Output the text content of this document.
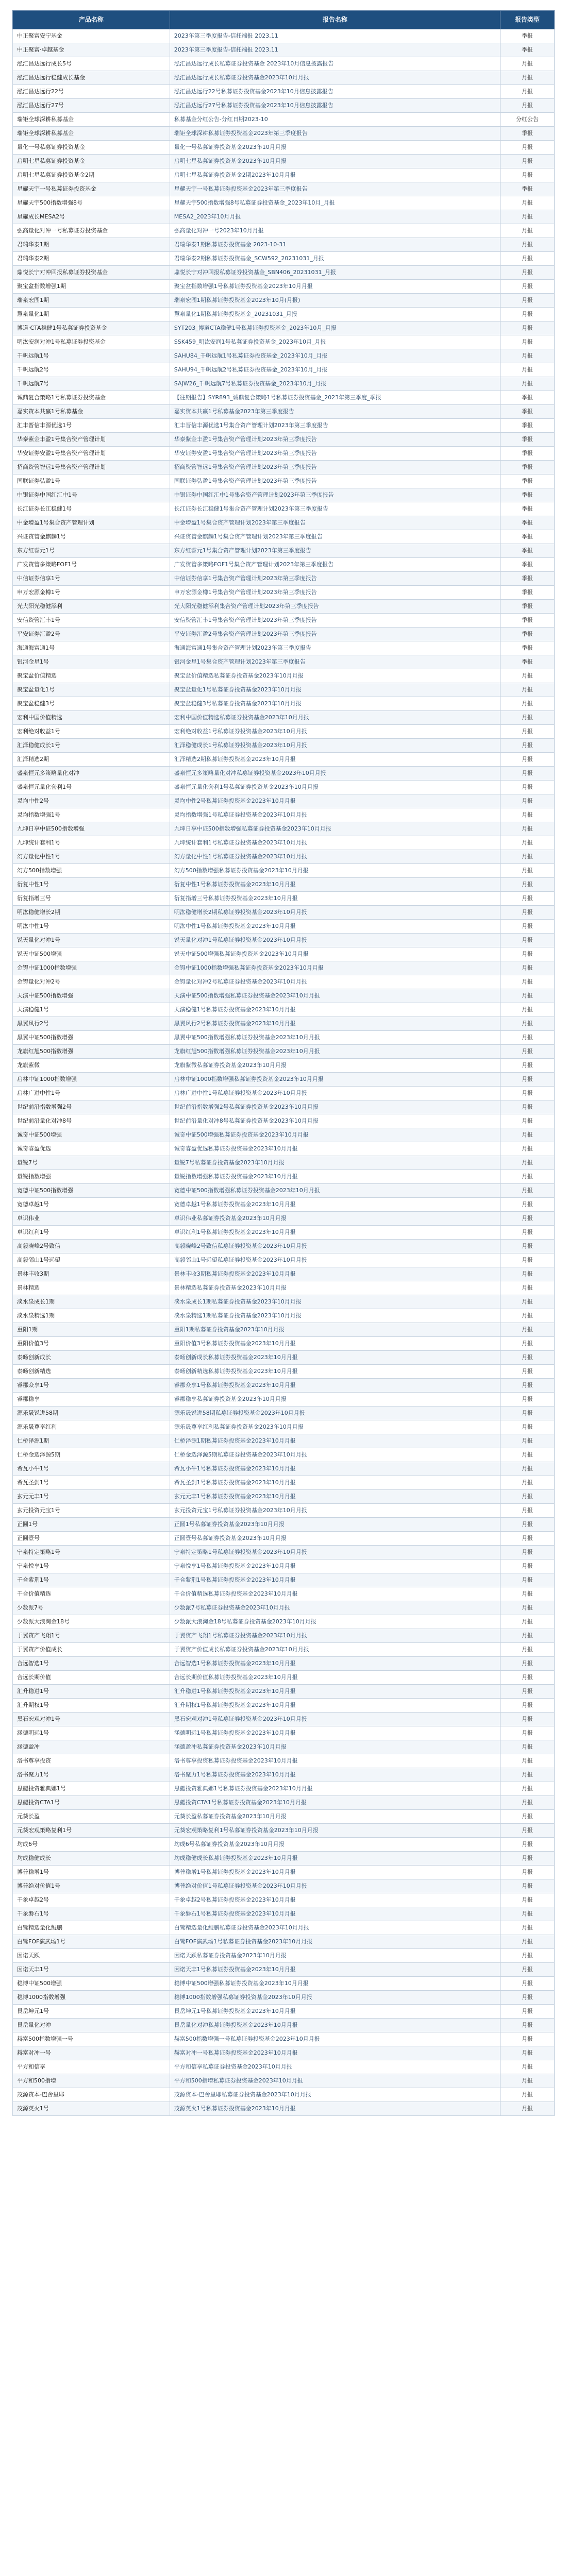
产品名称	报告名称	报告类型
中正聚富安宁基金	2023年第三季度报告-信托端报 2023.11	季报
中正聚富·卓越基金	2023年第三季度报告-信托端报 2023.11	季报
泓汇昌达远行成长5号	泓汇昌达远行成长私募证券投资基金 2023年10月信息披露报告	月报
泓汇昌达远行稳健成长基金	泓汇昌达远行成长私募证券投资基金2023年10月月报	月报
泓汇昌达远行22号	泓汇昌达远行22号私募证券投资基金2023年10月信息披露报告	月报
泓汇昌达远行27号	泓汇昌达远行27号私募证券投资基金2023年10月信息披露报告	月报
瑞钜全球深耕私募基金	私募基金分红公告-分红日期2023-10	分红公告
瑞钜全球深耕私募基金	瑞钜全球深耕私募证券投资基金2023年第三季度报告	季报
量化一号私募证券投资基金	量化一号私募证券投资基金2023年10月月报	月报
启明七星私募证券投资基金	启明七星私募证券投资基金2023年10月月报	月报
启明七星私募证券投资基金2期	启明七星私募证券投资基金2期2023年10月月报	月报
星耀天宇一号私募证券投资基金	星耀天宇一号私募证券投资基金2023年第三季度报告	季报
星耀天宇500指数增强8号	星耀天宇500指数增强8号私募证券投资基金_2023年10月_月报	月报
星耀成长MESA2号	MESA2_2023年10月月报	月报
弘高量化对冲一号私募证券投资基金	弘高量化对冲一号2023年10月月报	月报
君瑞华泰1期	君瑞华泰1期私募证券投资基金 2023-10-31	月报
君瑞华泰2期	君瑞华泰2期私募证券投资基金_SCW592_20231031_月报	月报
鼎悦长宁对冲回报私募证券投资基金	鼎悦长宁对冲回报私募证券投资基金_SBN406_20231031_月报	月报
聚宝盆指数增强1期	聚宝盆指数增强1号私募证券投资基金2023年10月月报	月报
瑞泉宏图1期	瑞泉宏图1期私募证券投资基金2023年10月(月报)	月报
慧泉量化1期	慧泉量化1期私募证券投资基金_20231031_月报	月报
博道·CTA稳健1号私募证券投资基金	SYT203_博道CTA稳健1号私募证券投资基金_2023年10月_月报	月报
明汯安润对冲1号私募证券投资基金	SSK459_明汯安润1号私募证券投资基金_2023年10月_月报	月报
千帆远航1号	SAHU84_千帆远航1号私募证券投资基金_2023年10月_月报	月报
千帆远航2号	SAHU94_千帆远航2号私募证券投资基金_2023年10月_月报	月报
千帆远航7号	SAJW26_千帆远航7号私募证券投资基金_2023年10月_月报	月报
诚鼎复合策略1号私募证券投资基金	【往期报告】SYR893_诚鼎复合策略1号私募证券投资基金_2023年第三季度_季报	季报
嘉实资本共赢1号私募基金	嘉实资本共赢1号私募基金2023年第三季度报告	季报
汇丰晋信丰源优选1号	汇丰晋信丰源优选1号集合资产管理计划2023年第三季度报告	季报
华泰紫金丰盈1号集合资产管理计划	华泰紫金丰盈1号集合资产管理计划2023年第三季度报告	季报
华安证券安盈1号集合资产管理计划	华安证券安盈1号集合资产管理计划2023年第三季度报告	季报
招商资管智远1号集合资产管理计划	招商资管智远1号集合资产管理计划2023年第三季度报告	季报
国联证券弘盈1号	国联证券弘盈1号集合资产管理计划2023年第三季度报告	季报
中银证券中国红汇中1号	中银证券中国红汇中1号集合资产管理计划2023年第三季度报告	季报
长江证券长江稳健1号	长江证券长江稳健1号集合资产管理计划2023年第三季度报告	季报
中金增盈1号集合资产管理计划	中金增盈1号集合资产管理计划2023年第三季度报告	季报
兴证资管金麒麟1号	兴证资管金麒麟1号集合资产管理计划2023年第三季度报告	季报
东方红睿元1号	东方红睿元1号集合资产管理计划2023年第三季度报告	季报
广发资管多策略FOF1号	广发资管多策略FOF1号集合资产管理计划2023年第三季度报告	季报
中信证券信享1号	中信证券信享1号集合资产管理计划2023年第三季度报告	季报
申万宏源金樽1号	申万宏源金樽1号集合资产管理计划2023年第三季度报告	季报
光大阳光稳健添利	光大阳光稳健添利集合资产管理计划2023年第三季度报告	季报
安信资管汇丰1号	安信资管汇丰1号集合资产管理计划2023年第三季度报告	季报
平安证券汇盈2号	平安证券汇盈2号集合资产管理计划2023年第三季度报告	季报
海通海富通1号	海通海富通1号集合资产管理计划2023年第三季度报告	季报
银河金星1号	银河金星1号集合资产管理计划2023年第三季度报告	季报
聚宝盆价值精选	聚宝盆价值精选私募证券投资基金2023年10月月报	月报
聚宝盆量化1号	聚宝盆量化1号私募证券投资基金2023年10月月报	月报
聚宝盆稳健3号	聚宝盆稳健3号私募证券投资基金2023年10月月报	月报
宏利中国价值精选	宏利中国价值精选私募证券投资基金2023年10月月报	月报
宏利绝对收益1号	宏利绝对收益1号私募证券投资基金2023年10月月报	月报
汇泽稳健成长1号	汇泽稳健成长1号私募证券投资基金2023年10月月报	月报
汇泽精选2期	汇泽精选2期私募证券投资基金2023年10月月报	月报
盛泉恒元多策略量化对冲	盛泉恒元多策略量化对冲私募证券投资基金2023年10月月报	月报
盛泉恒元量化套利1号	盛泉恒元量化套利1号私募证券投资基金2023年10月月报	月报
灵均中性2号	灵均中性2号私募证券投资基金2023年10月月报	月报
灵均指数增强1号	灵均指数增强1号私募证券投资基金2023年10月月报	月报
九坤日享中证500指数增强	九坤日享中证500指数增强私募证券投资基金2023年10月月报	月报
九坤统计套利1号	九坤统计套利1号私募证券投资基金2023年10月月报	月报
幻方量化中性1号	幻方量化中性1号私募证券投资基金2023年10月月报	月报
幻方500指数增强	幻方500指数增强私募证券投资基金2023年10月月报	月报
衍复中性1号	衍复中性1号私募证券投资基金2023年10月月报	月报
衍复指增三号	衍复指增三号私募证券投资基金2023年10月月报	月报
明汯稳健增长2期	明汯稳健增长2期私募证券投资基金2023年10月月报	月报
明汯中性1号	明汯中性1号私募证券投资基金2023年10月月报	月报
锐天量化对冲1号	锐天量化对冲1号私募证券投资基金2023年10月月报	月报
锐天中证500增强	锐天中证500增强私募证券投资基金2023年10月月报	月报
金锝中证1000指数增强	金锝中证1000指数增强私募证券投资基金2023年10月月报	月报
金锝量化对冲2号	金锝量化对冲2号私募证券投资基金2023年10月月报	月报
天演中证500指数增强	天演中证500指数增强私募证券投资基金2023年10月月报	月报
天演稳健1号	天演稳健1号私募证券投资基金2023年10月月报	月报
黑翼风行2号	黑翼风行2号私募证券投资基金2023年10月月报	月报
黑翼中证500指数增强	黑翼中证500指数增强私募证券投资基金2023年10月月报	月报
龙旗红旭500指数增强	龙旗红旭500指数增强私募证券投资基金2023年10月月报	月报
龙旗紫微	龙旗紫微私募证券投资基金2023年10月月报	月报
启林中证1000指数增强	启林中证1000指数增强私募证券投资基金2023年10月月报	月报
启林广进中性1号	启林广进中性1号私募证券投资基金2023年10月月报	月报
世纪前沿指数增强2号	世纪前沿指数增强2号私募证券投资基金2023年10月月报	月报
世纪前沿量化对冲8号	世纪前沿量化对冲8号私募证券投资基金2023年10月月报	月报
诚奇中证500增强	诚奇中证500增强私募证券投资基金2023年10月月报	月报
诚奇睿盈优选	诚奇睿盈优选私募证券投资基金2023年10月月报	月报
量锐7号	量锐7号私募证券投资基金2023年10月月报	月报
量锐指数增强	量锐指数增强私募证券投资基金2023年10月月报	月报
宽德中证500指数增强	宽德中证500指数增强私募证券投资基金2023年10月月报	月报
宽德卓越1号	宽德卓越1号私募证券投资基金2023年10月月报	月报
卓识伟业	卓识伟业私募证券投资基金2023年10月月报	月报
卓识红利1号	卓识红利1号私募证券投资基金2023年10月月报	月报
高毅晓峰2号致信	高毅晓峰2号致信私募证券投资基金2023年10月月报	月报
高毅邻山1号远望	高毅邻山1号远望私募证券投资基金2023年10月月报	月报
景林丰收3期	景林丰收3期私募证券投资基金2023年10月月报	月报
景林精选	景林精选私募证券投资基金2023年10月月报	月报
淡水泉成长1期	淡水泉成长1期私募证券投资基金2023年10月月报	月报
淡水泉精选1期	淡水泉精选1期私募证券投资基金2023年10月月报	月报
重阳1期	重阳1期私募证券投资基金2023年10月月报	月报
重阳价值3号	重阳价值3号私募证券投资基金2023年10月月报	月报
泰旸创新成长	泰旸创新成长私募证券投资基金2023年10月月报	月报
泰旸创新精选	泰旸创新精选私募证券投资基金2023年10月月报	月报
睿郡众享1号	睿郡众享1号私募证券投资基金2023年10月月报	月报
睿郡稳享	睿郡稳享私募证券投资基金2023年10月月报	月报
源乐晟锐进58期	源乐晟锐进58期私募证券投资基金2023年10月月报	月报
源乐晟尊享红利	源乐晟尊享红利私募证券投资基金2023年10月月报	月报
仁桥泽源1期	仁桥泽源1期私募证券投资基金2023年10月月报	月报
仁桥金选泽源5期	仁桥金选泽源5期私募证券投资基金2023年10月月报	月报
希瓦小牛1号	希瓦小牛1号私募证券投资基金2023年10月月报	月报
希瓦圣剑1号	希瓦圣剑1号私募证券投资基金2023年10月月报	月报
玄元元丰1号	玄元元丰1号私募证券投资基金2023年10月月报	月报
玄元投资元宝1号	玄元投资元宝1号私募证券投资基金2023年10月月报	月报
正圆1号	正圆1号私募证券投资基金2023年10月月报	月报
正圆壹号	正圆壹号私募证券投资基金2023年10月月报	月报
宁泉特定策略1号	宁泉特定策略1号私募证券投资基金2023年10月月报	月报
宁泉悦享1号	宁泉悦享1号私募证券投资基金2023年10月月报	月报
千合紫荆1号	千合紫荆1号私募证券投资基金2023年10月月报	月报
千合价值精选	千合价值精选私募证券投资基金2023年10月月报	月报
少数派7号	少数派7号私募证券投资基金2023年10月月报	月报
少数派大浪淘金18号	少数派大浪淘金18号私募证券投资基金2023年10月月报	月报
于翼资产飞翔1号	于翼资产飞翔1号私募证券投资基金2023年10月月报	月报
于翼资产价值成长	于翼资产价值成长私募证券投资基金2023年10月月报	月报
合远智选1号	合远智选1号私募证券投资基金2023年10月月报	月报
合远长期价值	合远长期价值私募证券投资基金2023年10月月报	月报
汇升稳进1号	汇升稳进1号私募证券投资基金2023年10月月报	月报
汇升期权1号	汇升期权1号私募证券投资基金2023年10月月报	月报
黑石宏观对冲1号	黑石宏观对冲1号私募证券投资基金2023年10月月报	月报
涵德明远1号	涵德明远1号私募证券投资基金2023年10月月报	月报
涵德盈冲	涵德盈冲私募证券投资基金2023年10月月报	月报
洛书尊享投资	洛书尊享投资私募证券投资基金2023年10月月报	月报
洛书聚力1号	洛书聚力1号私募证券投资基金2023年10月月报	月报
思勰投资雅典娜1号	思勰投资雅典娜1号私募证券投资基金2023年10月月报	月报
思勰投资CTA1号	思勰投资CTA1号私募证券投资基金2023年10月月报	月报
元葵长盈	元葵长盈私募证券投资基金2023年10月月报	月报
元葵宏观策略复利1号	元葵宏观策略复利1号私募证券投资基金2023年10月月报	月报
均成6号	均成6号私募证券投资基金2023年10月月报	月报
均成稳健成长	均成稳健成长私募证券投资基金2023年10月月报	月报
博普稳增1号	博普稳增1号私募证券投资基金2023年10月月报	月报
博普绝对价值1号	博普绝对价值1号私募证券投资基金2023年10月月报	月报
千象卓越2号	千象卓越2号私募证券投资基金2023年10月月报	月报
千象磐石1号	千象磐石1号私募证券投资基金2023年10月月报	月报
白鹭精选量化鲲鹏	白鹭精选量化鲲鹏私募证券投资基金2023年10月月报	月报
白鹭FOF演武场1号	白鹭FOF演武场1号私募证券投资基金2023年10月月报	月报
因诺天跃	因诺天跃私募证券投资基金2023年10月月报	月报
因诺天丰1号	因诺天丰1号私募证券投资基金2023年10月月报	月报
稳博中证500增强	稳博中证500增强私募证券投资基金2023年10月月报	月报
稳博1000指数增强	稳博1000指数增强私募证券投资基金2023年10月月报	月报
艮岳坤元1号	艮岳坤元1号私募证券投资基金2023年10月月报	月报
艮岳量化对冲	艮岳量化对冲私募证券投资基金2023年10月月报	月报
赫富500指数增强一号	赫富500指数增强一号私募证券投资基金2023年10月月报	月报
赫富对冲一号	赫富对冲一号私募证券投资基金2023年10月月报	月报
平方和信享	平方和信享私募证券投资基金2023年10月月报	月报
平方和500指增	平方和500指增私募证券投资基金2023年10月月报	月报
茂源资本-巴舍里耶	茂源资本-巴舍里耶私募证券投资基金2023年10月月报	月报
茂源英火1号	茂源英火1号私募证券投资基金2023年10月月报	月报
